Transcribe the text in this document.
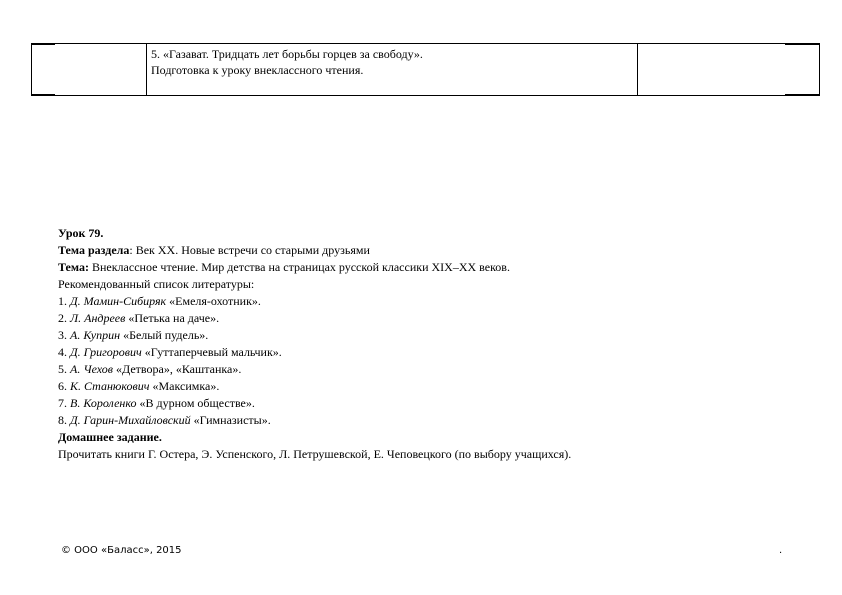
5. «Газават. Тридцать лет борьбы горцев за свободу».
Подготовка к уроку внеклассного чтения.

Урок 79.

Тема раздела: Век XX. Новые встречи со старыми друзьями

Тема: Внеклассное чтение. Мир детства на страницах русской классики XIX–XX веков.

Рекомендованный список литературы:

1. Д. Мамин-Сибиряк «Емеля-охотник».

2. Л. Андреев «Петька на даче».

3. А. Куприн «Белый пудель».

4. Д. Григорович «Гуттаперчевый мальчик».

5. А. Чехов «Детвора», «Каштанка».

6. К. Станюкович «Максимка».

7. В. Короленко «В дурном обществе».

8. Д. Гарин-Михайловский «Гимназисты».

Домашнее задание.

Прочитать книги Г. Остера, Э. Успенского, Л. Петрушевской, Е. Чеповецкого (по выбору учащихся).

© ООО «Баласс», 2015	.
